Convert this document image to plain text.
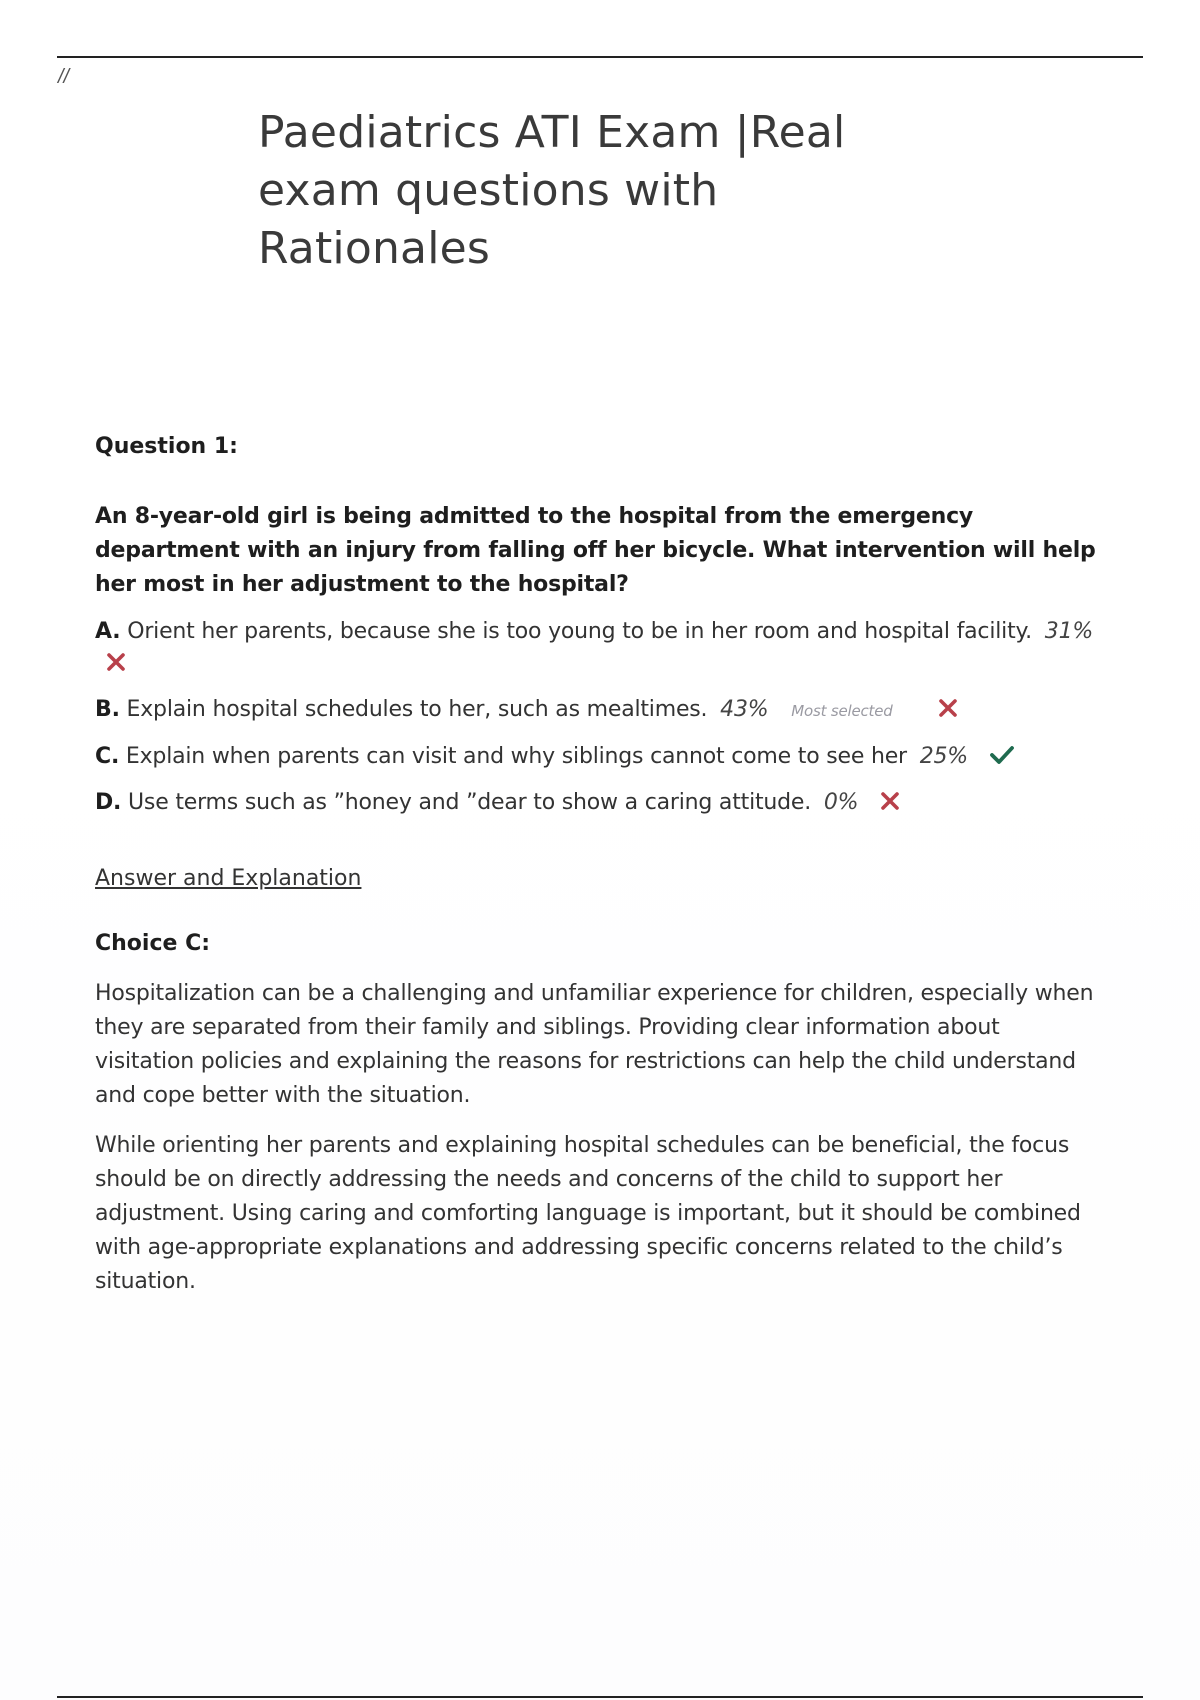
//
Paediatrics ATI Exam |Real
exam questions with
Rationales
Question 1:
An 8-year-old girl is being admitted to the hospital from the emergency department with an injury from falling off her bicycle. What intervention will help her most in her adjustment to the hospital?
A. Orient her parents, because she is too young to be in her room and hospital facility. 31%

B. Explain hospital schedules to her, such as mealtimes. 43% Most selected
C. Explain when parents can visit and why siblings cannot come to see her 25%
D. Use terms such as ”honey and ”dear to show a caring attitude. 0%
Answer and Explanation
Choice C:

Hospitalization can be a challenging and unfamiliar experience for children, especially when they are separated from their family and siblings. Providing clear information about visitation policies and explaining the reasons for restrictions can help the child understand and cope better with the situation.

While orienting her parents and explaining hospital schedules can be beneficial, the focus should be on directly addressing the needs and concerns of the child to support her adjustment. Using caring and comforting language is important, but it should be combined with age-appropriate explanations and addressing specific concerns related to the child’s situation.
